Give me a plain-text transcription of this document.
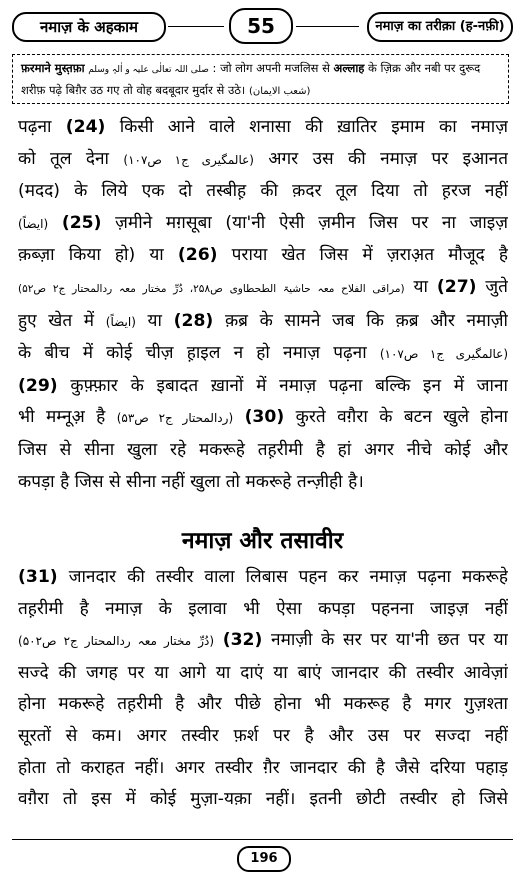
नमाज़ के अहकाम	55	नमाज़ का तरीक़ा (ह-नफ़ी)
फ़रमाने मुस्त़फ़ा صلی اللہ تعالٰی علیہ و اٰلہٖ وسلم : जो लोग अपनी मजलिस से अल्लाह के ज़िक्र और नबी पर दुरूद
शरीफ़ पढ़े बिग़ैर उठ गए तो वोह बदबूदार मुर्दार से उठे। (شعب الایمان)
पढ़ना (24) किसी आने वाले शनासा की ख़ातिर इमाम का नमाज़
को तूल देना (عالمگیری ج۱ ص۱۰۷) अगर उस की नमाज़ पर इआनत
(मदद) के लिये एक दो तस्बीह़ की क़दर तूल दिया तो ह़रज नहीं
(ایضاً) (25) ज़मीने मग़सूबा (या'नी ऐसी ज़मीन जिस पर ना जाइज़
क़ब्ज़ा किया हो) या (26) पराया खेत जिस में ज़राअ़त मौजूद है
(مراقی الفلاح معہ حاشیۃ الطحطاوی ص۲۵۸، دُرِّ مختار معہ ردالمحتار ج۲ ص۵۲) या (27) जुते
हुए खेत में (ایضاً) या (28) क़ब्र के सामने जब कि क़ब्र और नमाज़ी
के बीच में कोई चीज़ ह़ाइल न हो नमाज़ पढ़ना (عالمگیری ج۱ ص۱۰۷)
(29) कुफ़्फ़ार के इबादत ख़ानों में नमाज़ पढ़ना बल्कि इन में जाना
भी मम्नूअ़ है (ردالمحتار ج۲ ص۵۳) (30) कुरते वग़ैरा के बटन खुले होना
जिस से सीना खुला रहे मकरूहे तह़रीमी है हां अगर नीचे कोई और
कपड़ा है जिस से सीना नहीं खुला तो मकरूहे तन्ज़ीही है।
नमाज़ और तसावीर
(31) जानदार की तस्वीर वाला लिबास पहन कर नमाज़ पढ़ना मकरूहे
तह़रीमी है नमाज़ के इलावा भी ऐसा कपड़ा पहनना जाइज़ नहीं
(دُرِّ مختار معہ ردالمحتار ج۲ ص۵۰۲) (32) नमाज़ी के सर पर या'नी छत पर या
सज्दे की जगह पर या आगे या दाएं या बाएं जानदार की तस्वीर आवेज़ां
होना मकरूहे तह़रीमी है और पीछे होना भी मकरूह है मगर गुज़श्ता
सूरतों से कम। अगर तस्वीर फ़र्श पर है और उस पर सज्दा नहीं
होता तो कराहत नहीं। अगर तस्वीर ग़ैर जानदार की है जैसे दरिया पहाड़
वग़ैरा तो इस में कोई मुज़ा-यक़ा नहीं। इतनी छोटी तस्वीर हो जिसे
196
